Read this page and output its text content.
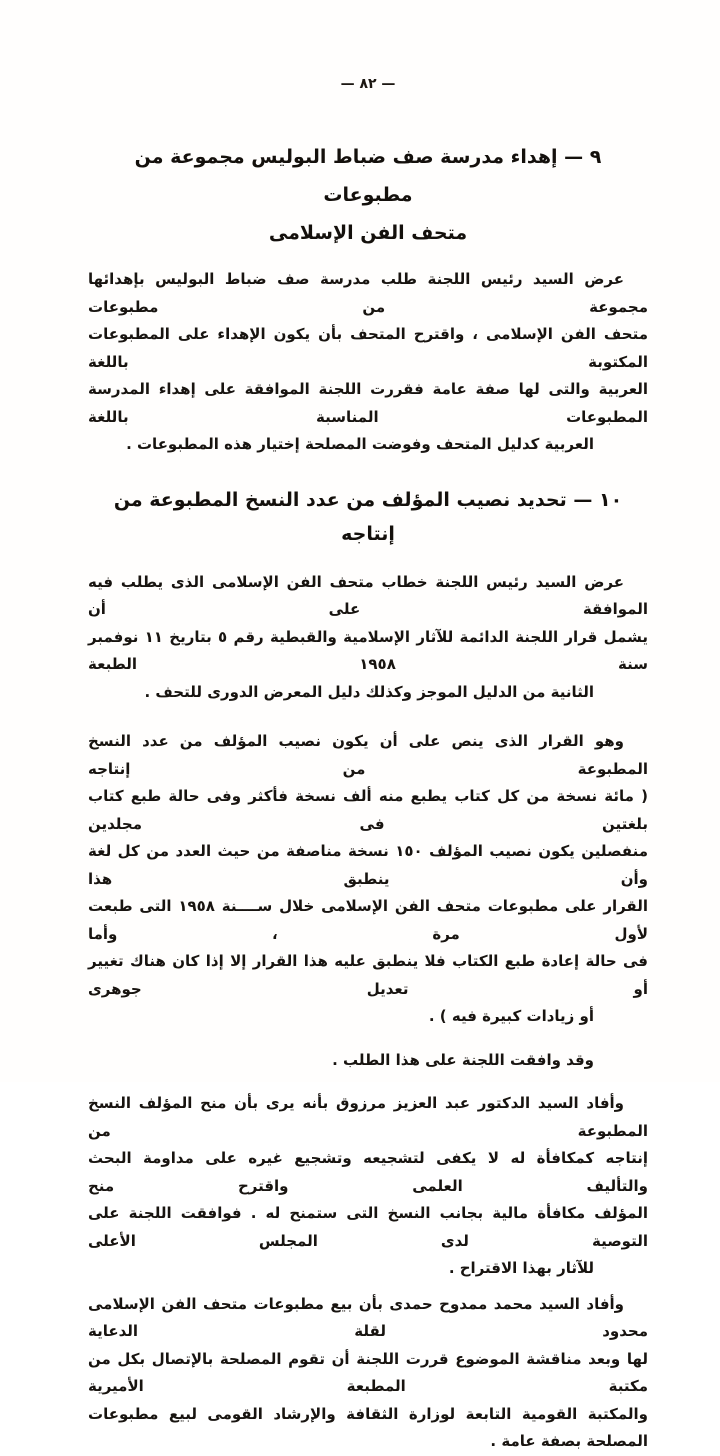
— ٨٢ —
٩ — إهداء مدرسة صف ضباط البوليس مجموعة من مطبوعات
متحف الفن الإسلامى
عرض السيد رئيس اللجنة طلب مدرسة صف ضباط البوليس بإهدائها مجموعة من مطبوعات
متحف الفن الإسلامى ، واقترح المتحف بأن يكون الإهداء على المطبوعات المكتوبة باللغة
العربية والتى لها صفة عامة فقررت اللجنة الموافقة على إهداء المدرسة المطبوعات المناسبة باللغة
العربية كدليل المتحف وفوضت المصلحة إختيار هذه المطبوعات .
١٠ — تحديد نصيب المؤلف من عدد النسخ المطبوعة من إنتاجه
عرض السيد رئيس اللجنة خطاب متحف الفن الإسلامى الذى يطلب فيه الموافقة على أن
يشمل قرار اللجنة الدائمة للآثار الإسلامية والقبطية رقم ٥ بتاريخ ١١ نوفمبر سنة ١٩٥٨ الطبعة
الثانية من الدليل الموجز وكذلك دليل المعرض الدورى للتحف .
وهو القرار الذى ينص على أن يكون نصيب المؤلف من عدد النسخ المطبوعة من إنتاجه
( مائة نسخة من كل كتاب يطبع منه ألف نسخة فأكثر وفى حالة طبع كتاب بلغتين فى مجلدين
منفصلين يكون نصيب المؤلف ١٥٠ نسخة مناصفة من حيث العدد من كل لغة وأن ينطبق هذا
القرار على مطبوعات متحف الفن الإسلامى خلال ســــنة ١٩٥٨ التى طبعت لأول مرة ، وأما
فى حالة إعادة طبع الكتاب فلا ينطبق عليه هذا القرار إلا إذا كان هناك تغيير أو تعديل جوهرى
أو زيادات كبيرة فيه ) .
وقد وافقت اللجنة على هذا الطلب .
وأفاد السيد الدكتور عبد العزيز مرزوق بأنه يرى بأن منح المؤلف النسخ المطبوعة من
إنتاجه كمكافأة له لا يكفى لتشجيعه وتشجيع غيره على مداومة البحث والتأليف العلمى واقترح منح
المؤلف مكافأة مالية بجانب النسخ التى ستمنح له . فوافقت اللجنة على التوصية لدى المجلس الأعلى
للآثار بهذا الاقتراح .
وأفاد السيد محمد ممدوح حمدى بأن بيع مطبوعات متحف الفن الإسلامى محدود لقلة الدعاية
لها وبعد مناقشة الموضوع قررت اللجنة أن تقوم المصلحة بالإتصال بكل من مكتبة المطبعة الأميرية
والمكتبة القومية التابعة لوزارة الثقافة والإرشاد القومى لبيع مطبوعات المصلحة بصفة عامة .
